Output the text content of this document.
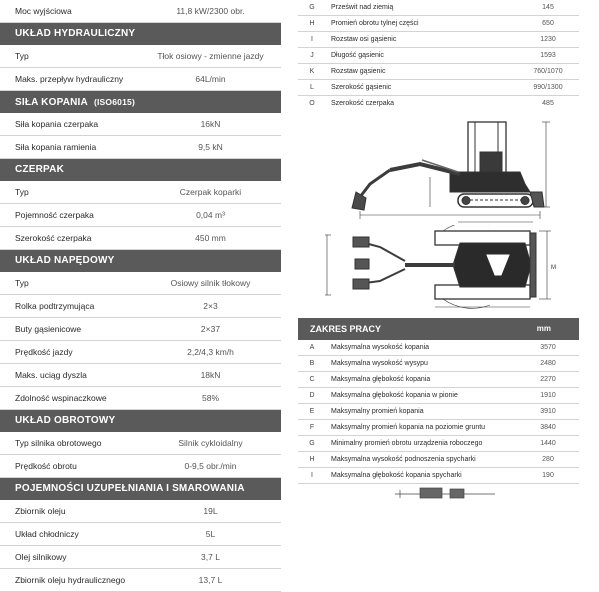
Moc wyjściowa	11,8 kW/2300 obr.
UKŁAD HYDRAULICZNY
Typ	Tłok osiowy - zmienne jazdy
Maks. przepływ hydrauliczny	64L/min
SIŁA KOPANIA (ISO6015)
Siła kopania czerpaka	16kN
Siła kopania ramienia	9,5 kN
CZERPAK
Typ	Czerpak koparki
Pojemność czerpaka	0,04 m³
Szerokość czerpaka	450 mm
UKŁAD NAPĘDOWY
Typ	Osiowy silnik tłokowy
Rolka podtrzymująca	2×3
Buty gąsienicowe	2×37
Prędkość jazdy	2,2/4,3 km/h
Maks. uciąg dyszla	18kN
Zdolność wspinaczkowe	58%
UKŁAD OBROTOWY
Typ silnika obrotowego	Silnik cykloidalny
Prędkość obrotu	0-9,5 obr./min
POJEMNOŚCI UZUPEŁNIANIA I SMAROWANIA
Zbiornik oleju	19L
Układ chłodniczy	5L
Olej silnikowy	3,7 L
Zbiornik oleju hydraulicznego	13,7 L
G	Prześwit nad ziemią	145
H	Promień obrotu tylnej części	650
I	Rozstaw osi gąsienic	1230
J	Długość gąsienic	1593
K	Rozstaw gąsienic	760/1070
L	Szerokość gąsienic	990/1300
O	Szerokość czerpaka	485
M
ZAKRES PRACY	mm
A	Maksymalna wysokość kopania	3570
B	Maksymalna wysokość wysypu	2480
C	Maksymalna głębokość kopania	2270
D	Maksymalna głębokość kopania w pionie	1910
E	Maksymalny promień kopania	3910
F	Maksymalny promień kopania na poziomie gruntu	3840
G	Minimalny promień obrotu urządzenia roboczego	1440
H	Maksymalna wysokość podnoszenia spycharki	280
I	Maksymalna głębokość kopania spycharki	190
